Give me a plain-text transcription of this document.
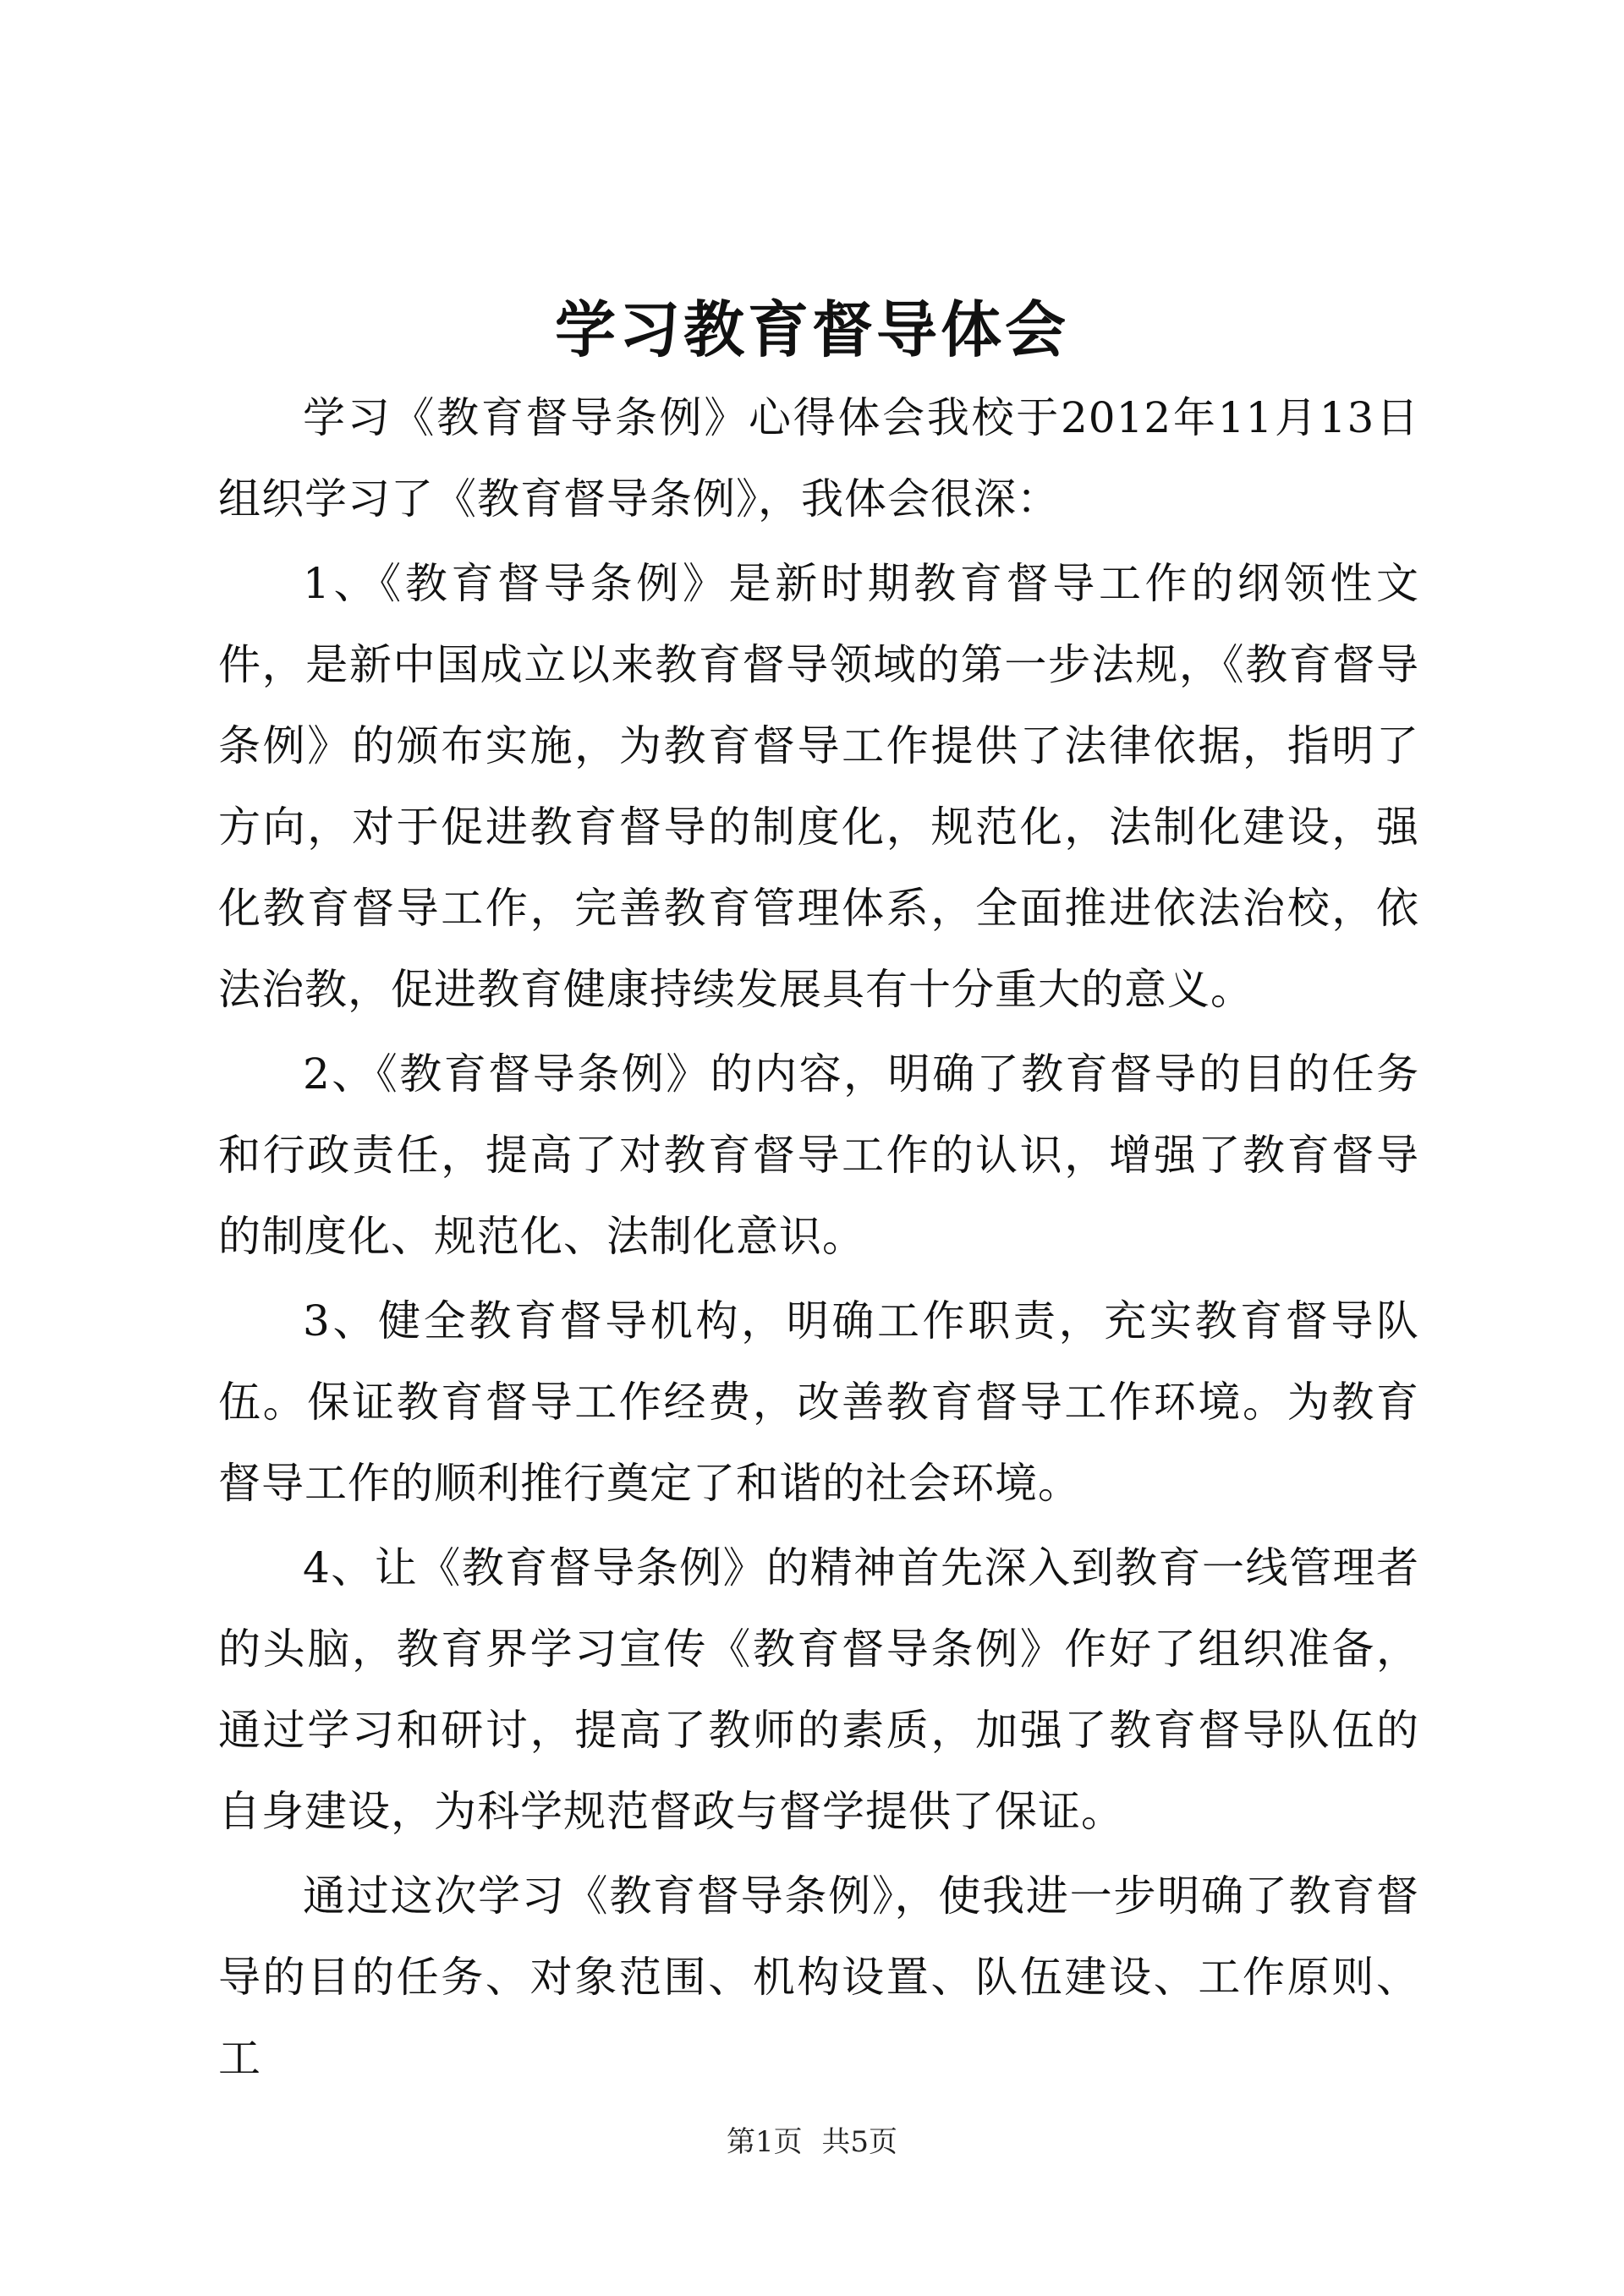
学习教育督导体会

学习《教育督导条例》心得体会我校于2012年11月13日组织学习了《教育督导条例》，我体会很深：

1、《教育督导条例》是新时期教育督导工作的纲领性文件，是新中国成立以来教育督导领域的第一步法规，《教育督导条例》的颁布实施，为教育督导工作提供了法律依据，指明了方向，对于促进教育督导的制度化，规范化，法制化建设，强化教育督导工作，完善教育管理体系，全面推进依法治校，依法治教，促进教育健康持续发展具有十分重大的意义。

2、《教育督导条例》的内容，明确了教育督导的目的任务和行政责任，提高了对教育督导工作的认识，增强了教育督导的制度化、规范化、法制化意识。

3、健全教育督导机构，明确工作职责，充实教育督导队伍。保证教育督导工作经费，改善教育督导工作环境。为教育督导工作的顺利推行奠定了和谐的社会环境。

4、让《教育督导条例》的精神首先深入到教育一线管理者的头脑，教育界学习宣传《教育督导条例》作好了组织准备，通过学习和研讨，提高了教师的素质，加强了教育督导队伍的自身建设，为科学规范督政与督学提供了保证。

通过这次学习《教育督导条例》，使我进一步明确了教育督导的目的任务、对象范围、机构设置、队伍建设、工作原则、工

第1页 共5页
